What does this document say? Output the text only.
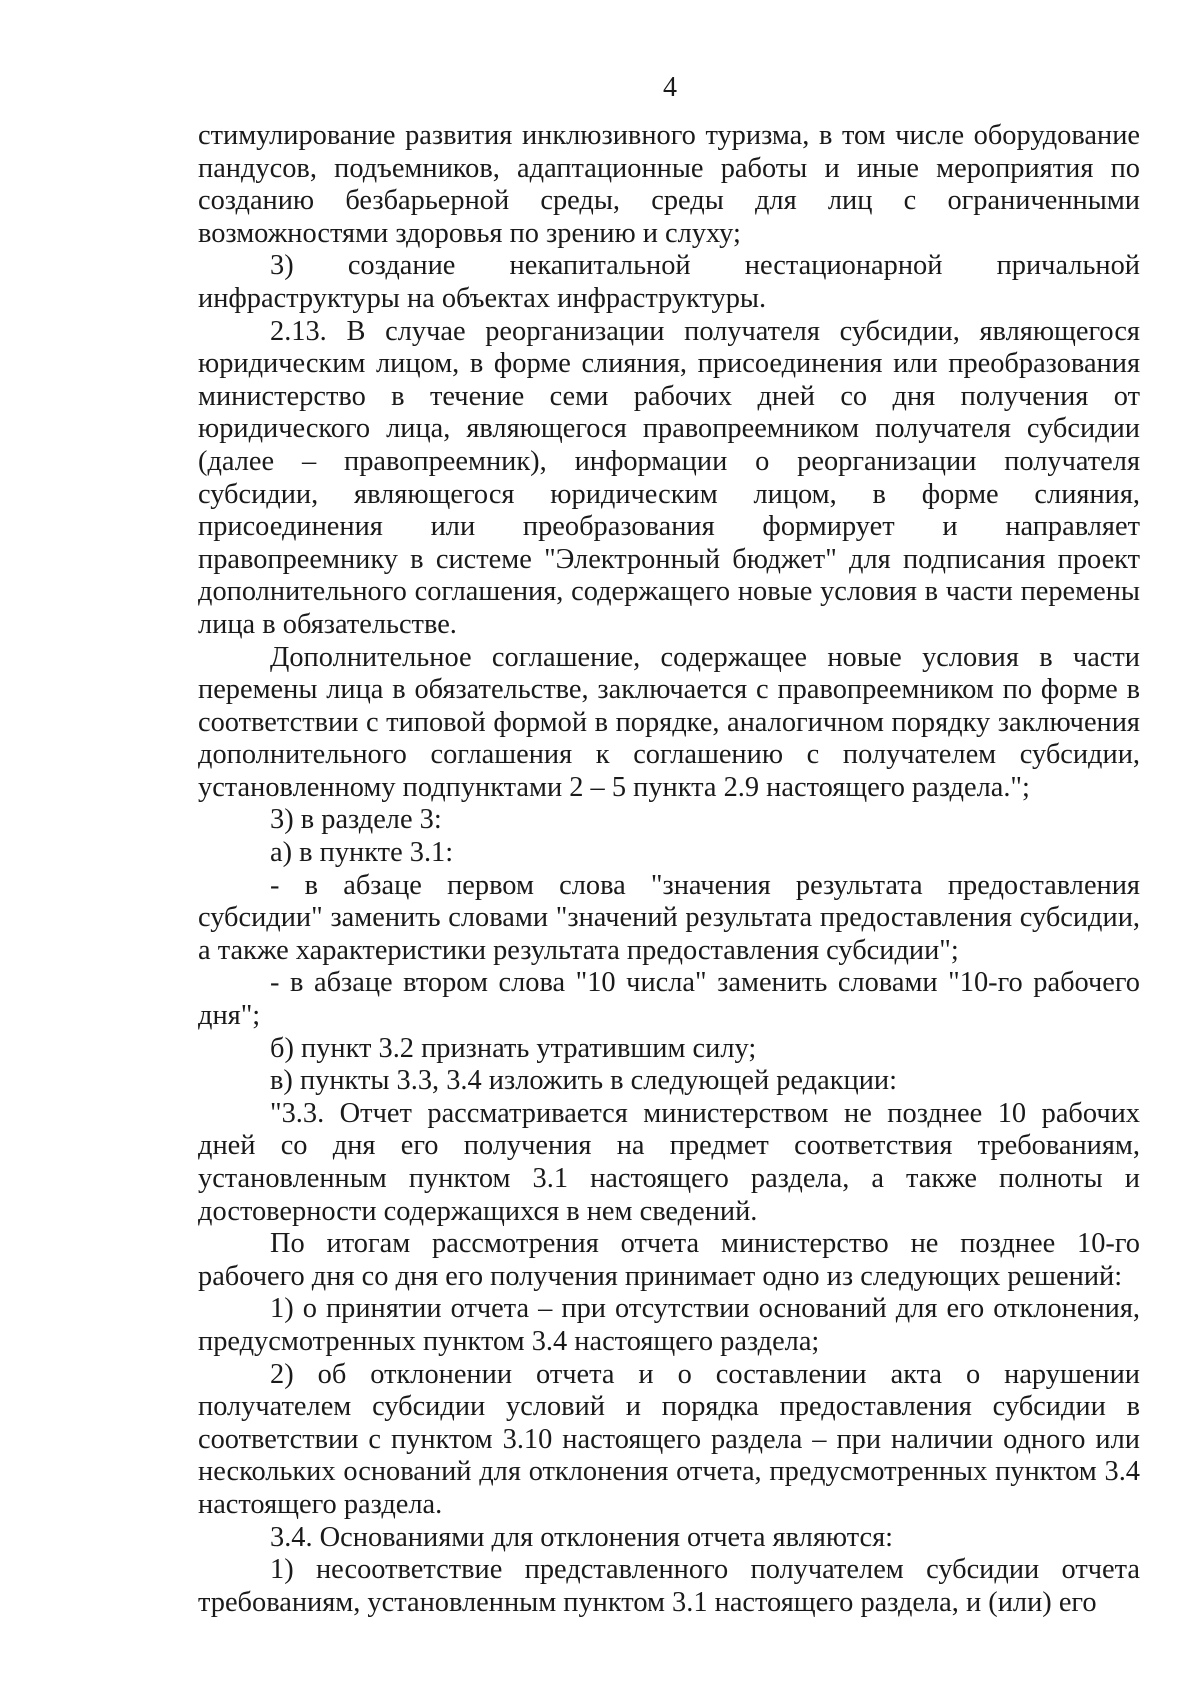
4

стимулирование развития инклюзивного туризма, в том числе оборудование пандусов, подъемников, адаптационные работы и иные мероприятия по созданию безбарьерной среды, среды для лиц с ограниченными возможностями здоровья по зрению и слуху;

3) создание некапитальной нестационарной причальной инфраструктуры на объектах инфраструктуры.

2.13. В случае реорганизации получателя субсидии, являющегося юридическим лицом, в форме слияния, присоединения или преобразования министерство в течение семи рабочих дней со дня получения от юридического лица, являющегося правопреемником получателя субсидии (далее – правопреемник), информации о реорганизации получателя субсидии, являющегося юридическим лицом, в форме слияния, присоединения или преобразования формирует и направляет правопреемнику в системе "Электронный бюджет" для подписания проект дополнительного соглашения, содержащего новые условия в части перемены лица в обязательстве.

Дополнительное соглашение, содержащее новые условия в части перемены лица в обязательстве, заключается с правопреемником по форме в соответствии с типовой формой в порядке, аналогичном порядку заключения дополнительного соглашения к соглашению с получателем субсидии, установленному подпунктами 2 – 5 пункта 2.9 настоящего раздела.";

3) в разделе 3:

а) в пункте 3.1:

- в абзаце первом слова "значения результата предоставления субсидии" заменить словами "значений результата предоставления субсидии, а также характеристики результата предоставления субсидии";

- в абзаце втором слова "10 числа" заменить словами "10-го рабочего дня";

б) пункт 3.2 признать утратившим силу;

в) пункты 3.3, 3.4 изложить в следующей редакции:

"3.3. Отчет рассматривается министерством не позднее 10 рабочих дней со дня его получения на предмет соответствия требованиям, установленным пунктом 3.1 настоящего раздела, а также полноты и достоверности содержащихся в нем сведений.

По итогам рассмотрения отчета министерство не позднее 10-го рабочего дня со дня его получения принимает одно из следующих решений:

1) о принятии отчета – при отсутствии оснований для его отклонения, предусмотренных пунктом 3.4 настоящего раздела;

2) об отклонении отчета и о составлении акта о нарушении получателем субсидии условий и порядка предоставления субсидии в соответствии с пунктом 3.10 настоящего раздела – при наличии одного или нескольких оснований для отклонения отчета, предусмотренных пунктом 3.4 настоящего раздела.

3.4. Основаниями для отклонения отчета являются:

1) несоответствие представленного получателем субсидии отчета требованиям, установленным пунктом 3.1 настоящего раздела, и (или) его
